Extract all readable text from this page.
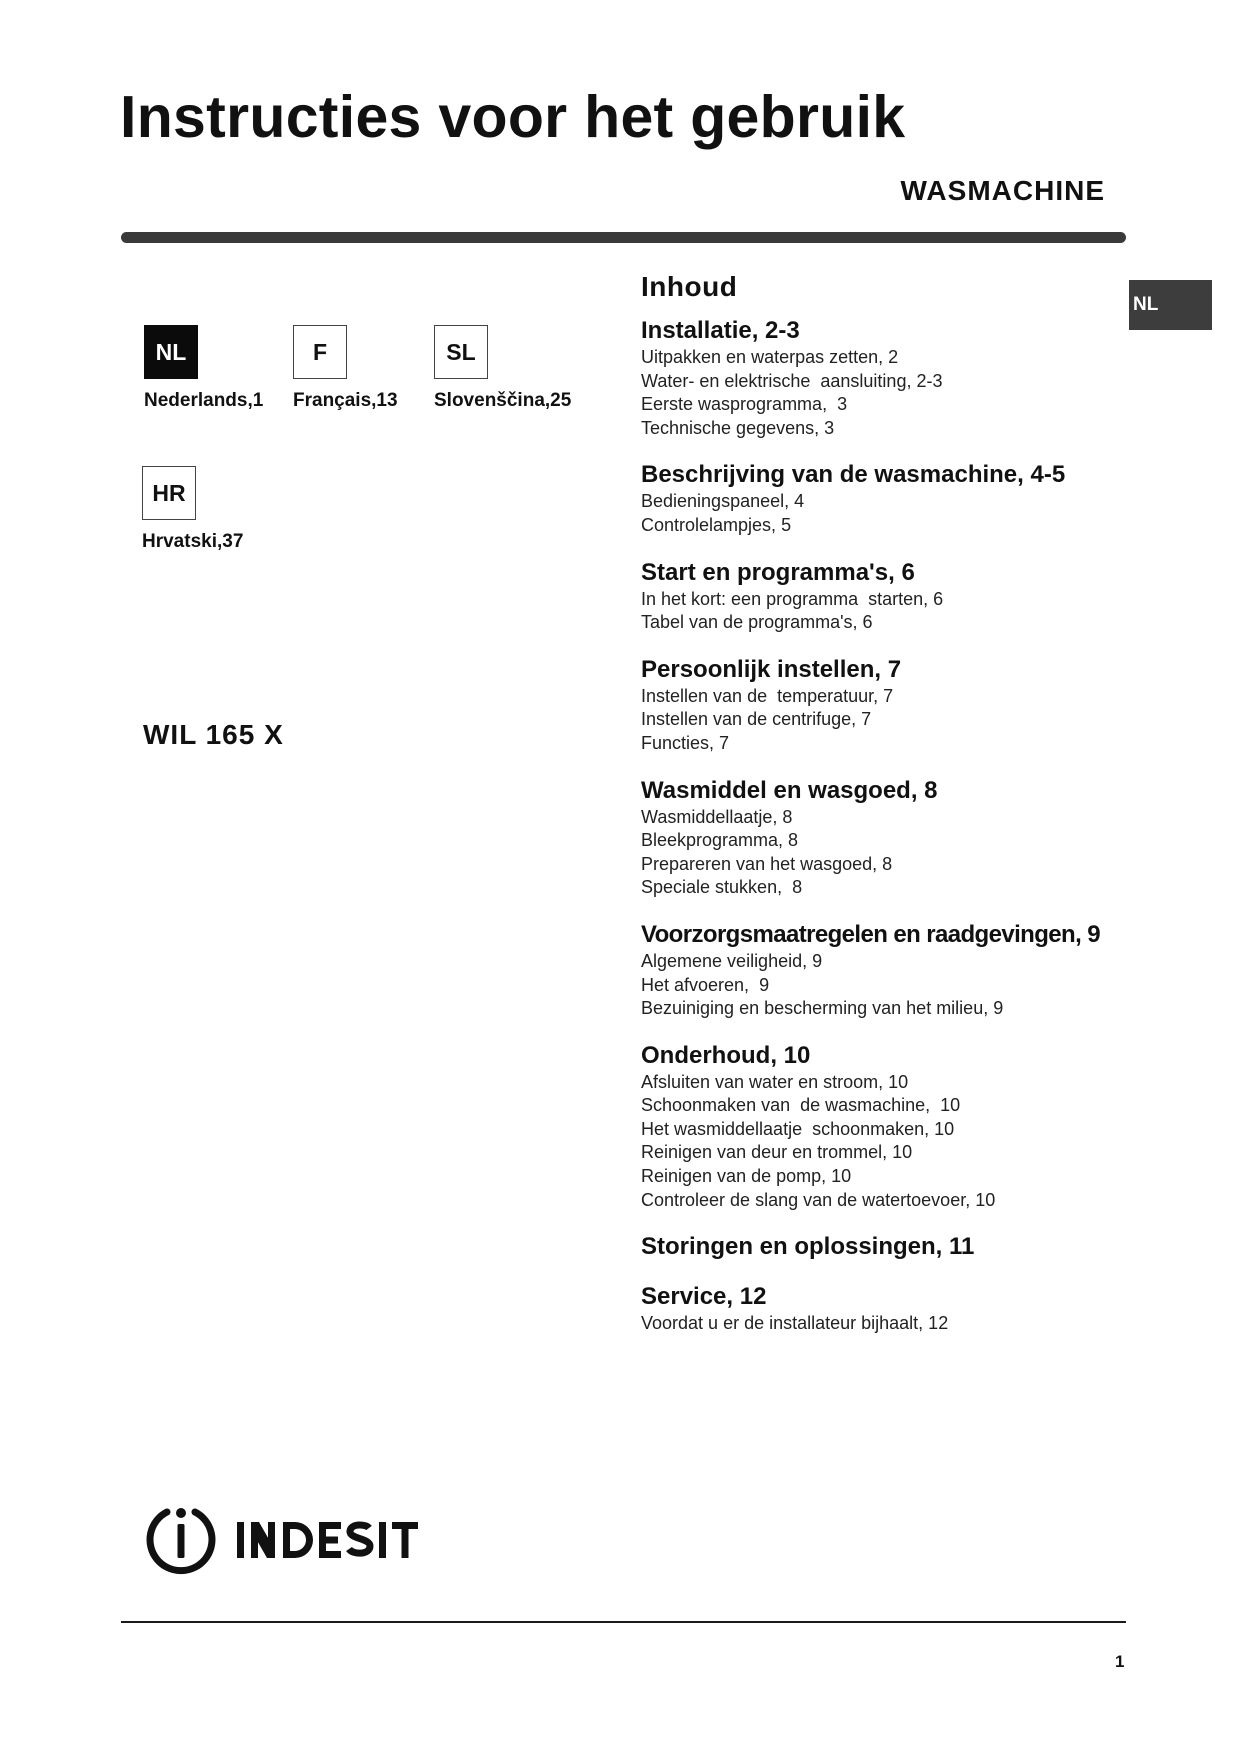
Instructies voor het gebruik
WASMACHINE
NL
NL
Nederlands,1
F
Français,13
SL
Slovenščina,25
HR
Hrvatski,37
WIL 165 X
Inhoud
Installatie, 2-3
Uitpakken en waterpas zetten, 2
Water- en elektrische  aansluiting, 2-3
Eerste wasprogramma,  3
Technische gegevens, 3
Beschrijving van de wasmachine, 4-5
Bedieningspaneel, 4
Controlelampjes, 5
Start en programma's, 6
In het kort: een programma  starten, 6
Tabel van de programma's, 6
Persoonlijk instellen, 7
Instellen van de  temperatuur, 7
Instellen van de centrifuge, 7
Functies, 7
Wasmiddel en wasgoed, 8
Wasmiddellaatje, 8
Bleekprogramma, 8
Prepareren van het wasgoed, 8
Speciale stukken,  8
Voorzorgsmaatregelen en raadgevingen, 9
Algemene veiligheid, 9
Het afvoeren,  9
Bezuiniging en bescherming van het milieu, 9
Onderhoud, 10
Afsluiten van water en stroom, 10
Schoonmaken van  de wasmachine,  10
Het wasmiddellaatje  schoonmaken, 10
Reinigen van deur en trommel, 10
Reinigen van de pomp, 10
Controleer de slang van de watertoevoer, 10
Storingen en oplossingen, 11
Service, 12
Voordat u er de installateur bijhaalt, 12
1
